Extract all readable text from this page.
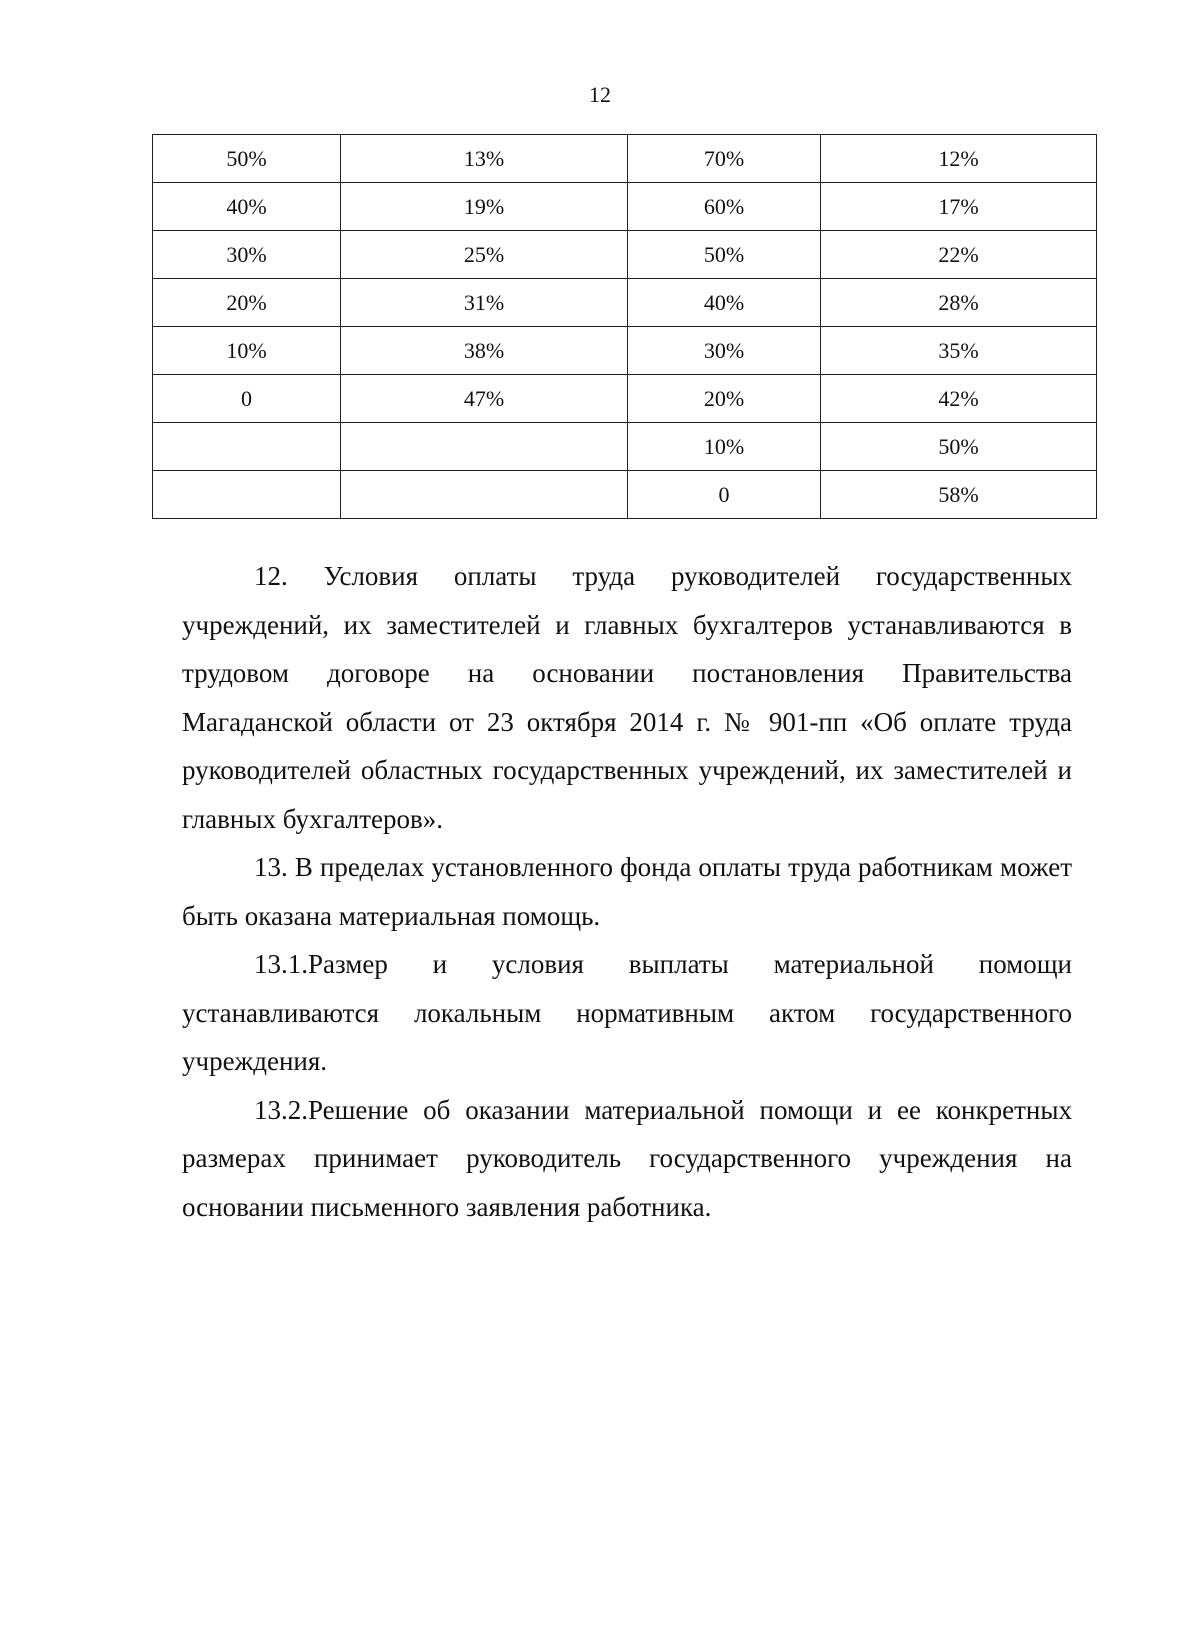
12
50%	13%	70%	12%
40%	19%	60%	17%
30%	25%	50%	22%
20%	31%	40%	28%
10%	38%	30%	35%
0	47%	20%	42%
		10%	50%
		0	58%

12. Условия оплаты труда руководителей государственных учреждений, их заместителей и главных бухгалтеров устанавливаются в трудовом договоре на основании постановления Правительства Магаданской области от 23 октября 2014 г. № 901-пп «Об оплате труда руководителей областных государственных учреждений, их заместителей и главных бухгалтеров».

13. В пределах установленного фонда оплаты труда работникам может быть оказана материальная помощь.

13.1.Размер и условия выплаты материальной помощи устанавливаются локальным нормативным актом государственного учреждения.

13.2.Решение об оказании материальной помощи и ее конкретных размерах принимает руководитель государственного учреждения на основании письменного заявления работника.
